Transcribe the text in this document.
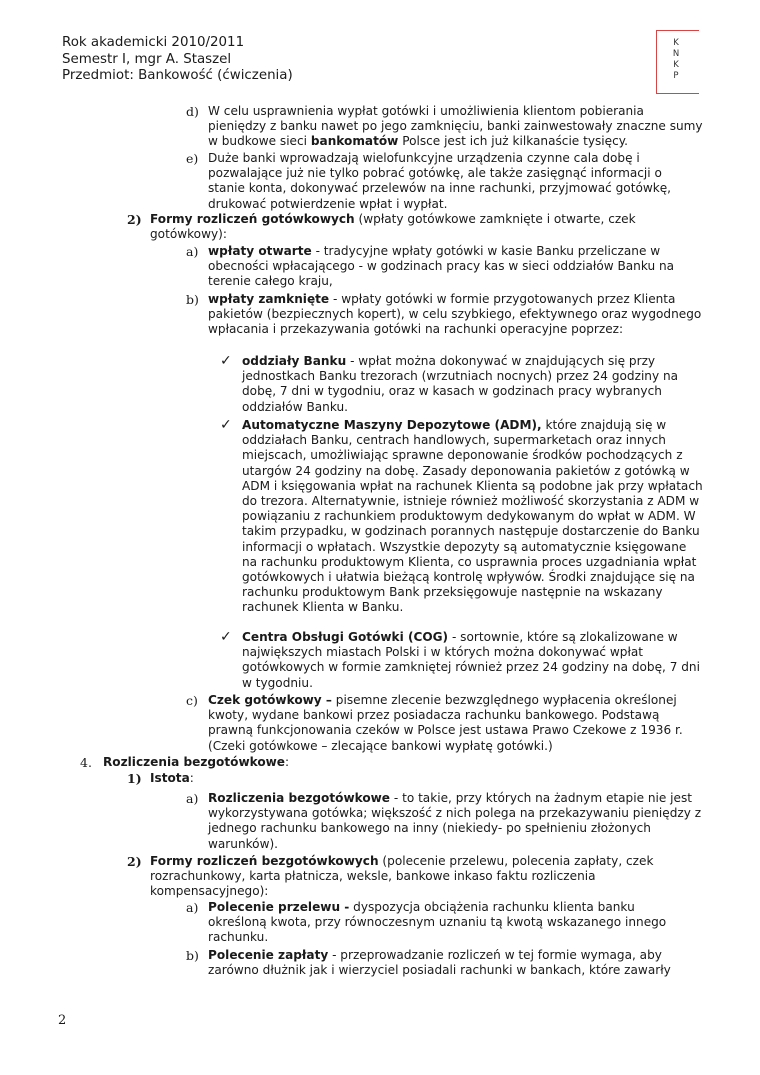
Rok akademicki 2010/2011
Semestr I, mgr A. Staszel
Przedmiot: Bankowość (ćwiczenia)
K
N
K
P
d) W celu usprawnienia wypłat gotówki i umożliwienia klientom pobierania pieniędzy z banku nawet po jego zamknięciu, banki zainwestowały znaczne sumy w budkowe sieci bankomatów Polsce jest ich już kilkanaście tysięcy.
e) Duże banki wprowadzają wielofunkcyjne urządzenia czynne cala dobę i pozwalające już nie tylko pobrać gotówkę, ale także zasięgnąć informacji o stanie konta, dokonywać przelewów na inne rachunki, przyjmować gotówkę, drukować potwierdzenie wpłat i wypłat.
2) Formy rozliczeń gotówkowych (wpłaty gotówkowe zamknięte i otwarte, czek gotówkowy):
a) wpłaty otwarte - tradycyjne wpłaty gotówki w kasie Banku przeliczane w obecności wpłacającego - w godzinach pracy kas w sieci oddziałów Banku na terenie całego kraju,
b) wpłaty zamknięte - wpłaty gotówki w formie przygotowanych przez Klienta pakietów (bezpiecznych kopert), w celu szybkiego, efektywnego oraz wygodnego wpłacania i przekazywania gotówki na rachunki operacyjne poprzez:
✓ oddziały Banku - wpłat można dokonywać w znajdujących się przy jednostkach Banku trezorach (wrzutniach nocnych) przez 24 godziny na dobę, 7 dni w tygodniu, oraz w kasach w godzinach pracy wybranych oddziałów Banku.
✓ Automatyczne Maszyny Depozytowe (ADM), które znajdują się w oddziałach Banku, centrach handlowych, supermarketach oraz innych miejscach, umożliwiając sprawne deponowanie środków pochodzących z utargów 24 godziny na dobę. Zasady deponowania pakietów z gotówką w ADM i księgowania wpłat na rachunek Klienta są podobne jak przy wpłatach do trezora. Alternatywnie, istnieje również możliwość skorzystania z ADM w powiązaniu z rachunkiem produktowym dedykowanym do wpłat w ADM. W takim przypadku, w godzinach porannych następuje dostarczenie do Banku informacji o wpłatach. Wszystkie depozyty są automatycznie księgowane na rachunku produktowym Klienta, co usprawnia proces uzgadniania wpłat gotówkowych i ułatwia bieżącą kontrolę wpływów. Środki znajdujące się na rachunku produktowym Bank przeksięgowuje następnie na wskazany rachunek Klienta w Banku.
✓ Centra Obsługi Gotówki (COG) - sortownie, które są zlokalizowane w największych miastach Polski i w których można dokonywać wpłat gotówkowych w formie zamkniętej również przez 24 godziny na dobę, 7 dni w tygodniu.
c) Czek gotówkowy – pisemne zlecenie bezwzględnego wypłacenia określonej kwoty, wydane bankowi przez posiadacza rachunku bankowego. Podstawą prawną funkcjonowania czeków w Polsce jest ustawa Prawo Czekowe z 1936 r. (Czeki gotówkowe – zlecające bankowi wypłatę gotówki.)
4. Rozliczenia bezgotówkowe:
1) Istota:
a) Rozliczenia bezgotówkowe - to takie, przy których na żadnym etapie nie jest wykorzystywana gotówka; większość z nich polega na przekazywaniu pieniędzy z jednego rachunku bankowego na inny (niekiedy- po spełnieniu złożonych warunków).
2) Formy rozliczeń bezgotówkowych (polecenie przelewu, polecenia zapłaty, czek rozrachunkowy, karta płatnicza, weksle, bankowe inkaso faktu rozliczenia kompensacyjnego):
a) Polecenie przelewu - dyspozycja obciążenia rachunku klienta banku określoną kwota, przy równoczesnym uznaniu tą kwotą wskazanego innego rachunku.
b) Polecenie zapłaty - przeprowadzanie rozliczeń w tej formie wymaga, aby zarówno dłużnik jak i wierzyciel posiadali rachunki w bankach, które zawarły
2
